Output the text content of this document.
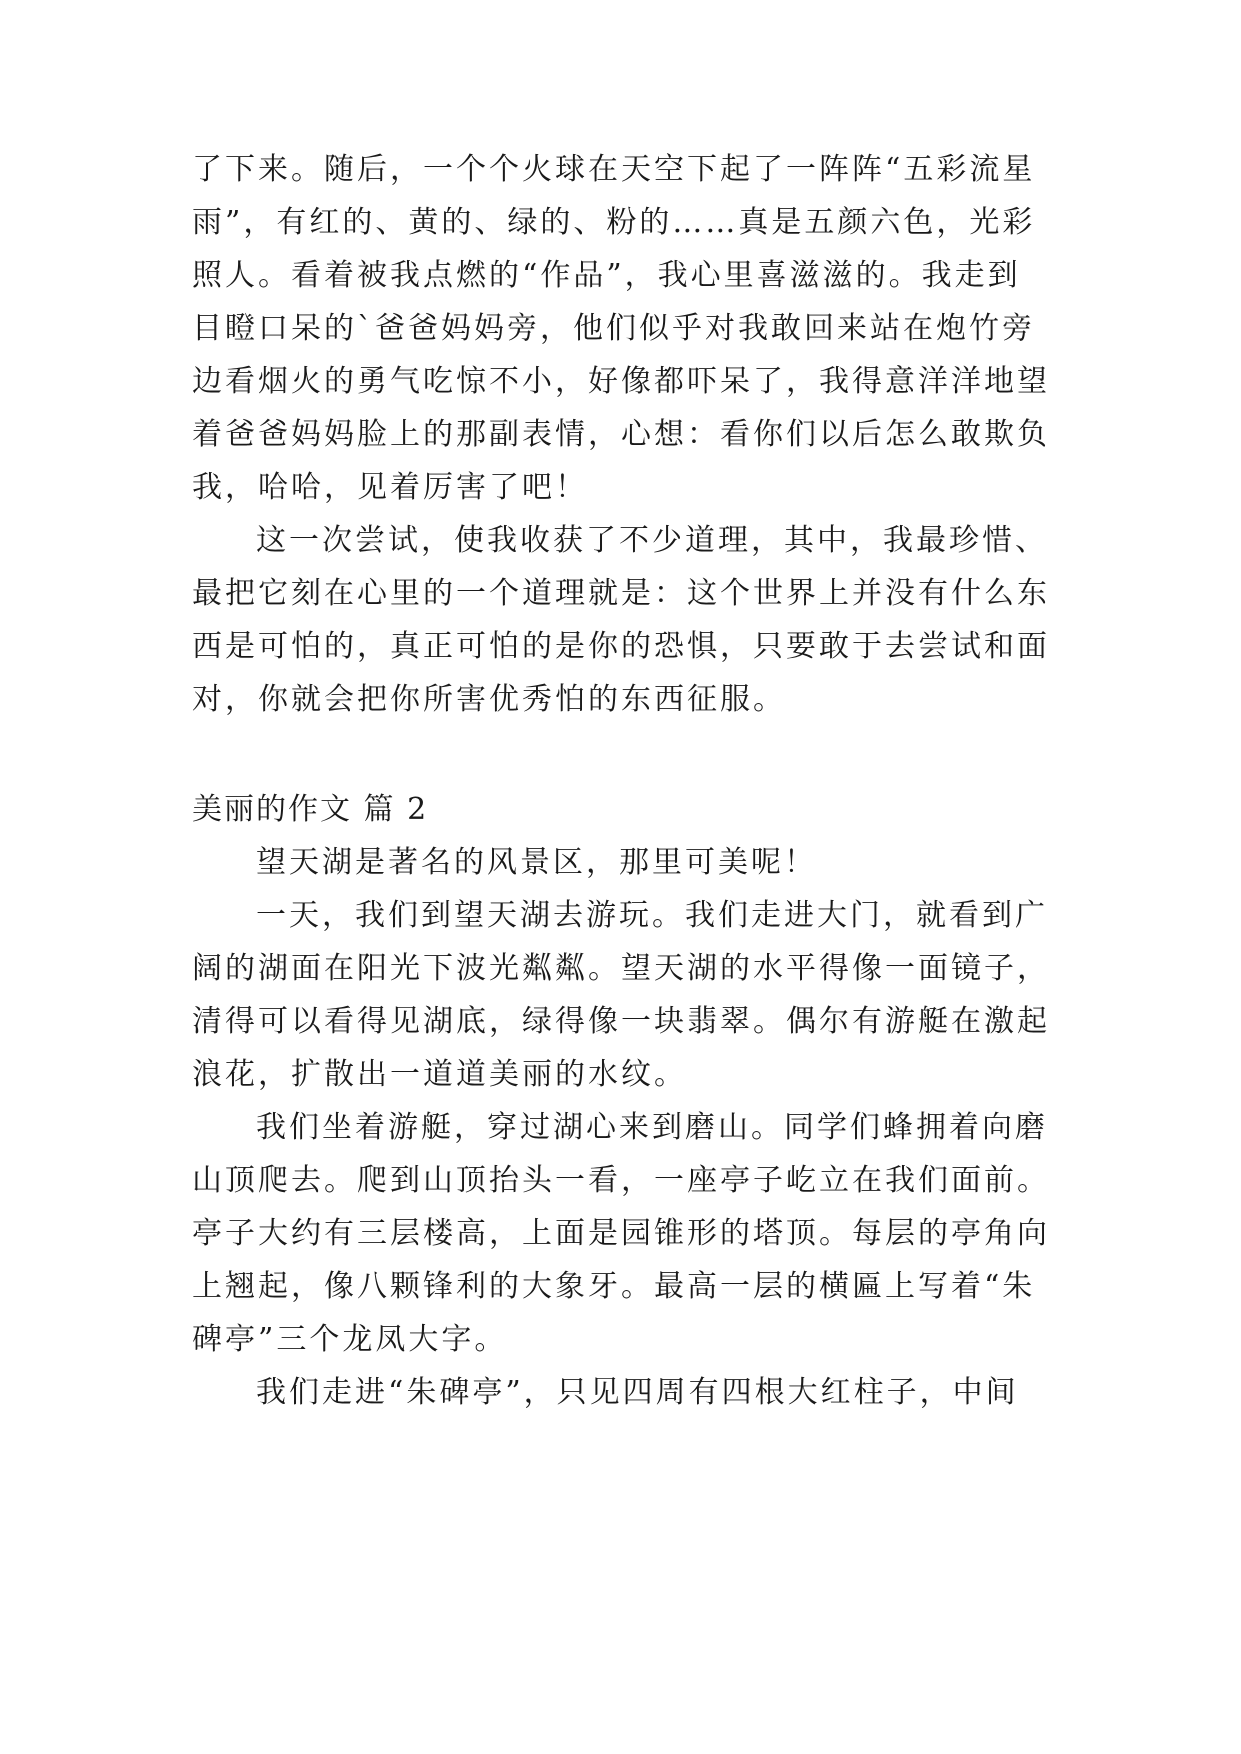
了下来。随后，一个个火球在天空下起了一阵阵“五彩流星
雨”，有红的、黄的、绿的、粉的……真是五颜六色，光彩
照人。看着被我点燃的“作品”，我心里喜滋滋的。我走到
目瞪口呆的`爸爸妈妈旁，他们似乎对我敢回来站在炮竹旁
边看烟火的勇气吃惊不小，好像都吓呆了，我得意洋洋地望
着爸爸妈妈脸上的那副表情，心想：看你们以后怎么敢欺负
我，哈哈，见着厉害了吧！
这一次尝试，使我收获了不少道理，其中，我最珍惜、
最把它刻在心里的一个道理就是：这个世界上并没有什么东
西是可怕的，真正可怕的是你的恐惧，只要敢于去尝试和面
对，你就会把你所害优秀怕的东西征服。
美丽的作文 篇 2
望天湖是著名的风景区，那里可美呢！
一天，我们到望天湖去游玩。我们走进大门，就看到广
阔的湖面在阳光下波光粼粼。望天湖的水平得像一面镜子，
清得可以看得见湖底，绿得像一块翡翠。偶尔有游艇在激起
浪花，扩散出一道道美丽的水纹。
我们坐着游艇，穿过湖心来到磨山。同学们蜂拥着向磨
山顶爬去。爬到山顶抬头一看，一座亭子屹立在我们面前。
亭子大约有三层楼高，上面是园锥形的塔顶。每层的亭角向
上翘起，像八颗锋利的大象牙。最高一层的横匾上写着“朱
碑亭”三个龙凤大字。
我们走进“朱碑亭”，只见四周有四根大红柱子，中间
